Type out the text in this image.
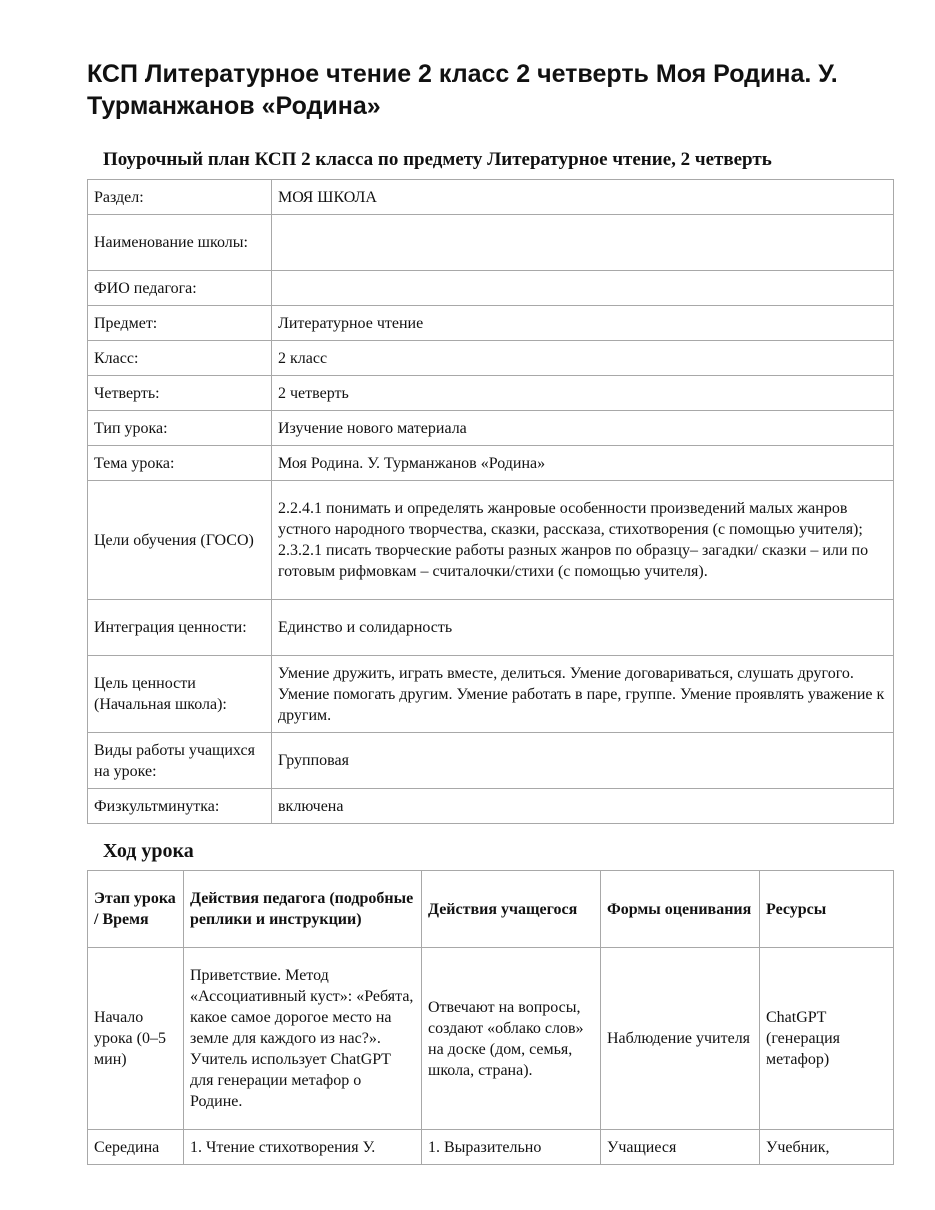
КСП Литературное чтение 2 класс 2 четверть Моя Родина. У. Турманжанов «Родина»
Поурочный план КСП 2 класса по предмету Литературное чтение, 2 четверть
Раздел:	МОЯ ШКОЛА
Наименование школы:	
ФИО педагога:	
Предмет:	Литературное чтение
Класс:	2 класс
Четверть:	2 четверть
Тип урока:	Изучение нового материала
Тема урока:	Моя Родина. У. Турманжанов «Родина»
Цели обучения (ГОСО)	2.2.4.1 понимать и определять жанровые особенности произведений малых жанров устного народного творчества, сказки, рассказа, стихотворения (с помощью учителя); 2.3.2.1 писать творческие работы разных жанров по образцу– загадки/ сказки – или по готовым рифмовкам – считалочки/стихи (с помощью учителя).
Интеграция ценности:	Единство и солидарность
Цель ценности (Начальная школа):	Умение дружить, играть вместе, делиться. Умение договариваться, слушать другого. Умение помогать другим. Умение работать в паре, группе. Умение проявлять уважение к другим.
Виды работы учащихся на уроке:	Групповая
Физкультминутка:	включена
Ход урока
Этап урока / Время	Действия педагога (подробные реплики и инструкции)	Действия учащегося	Формы оценивания	Ресурсы
Начало урока (0–5 мин)	Приветствие. Метод «Ассоциативный куст»: «Ребята, какое самое дорогое место на земле для каждого из нас?». Учитель использует ChatGPT для генерации метафор о Родине.	Отвечают на вопросы, создают «облако слов» на доске (дом, семья, школа, страна).	Наблюдение учителя	ChatGPT (генерация метафор)
Середина	1. Чтение стихотворения У.	1. Выразительно	Учащиеся	Учебник,
